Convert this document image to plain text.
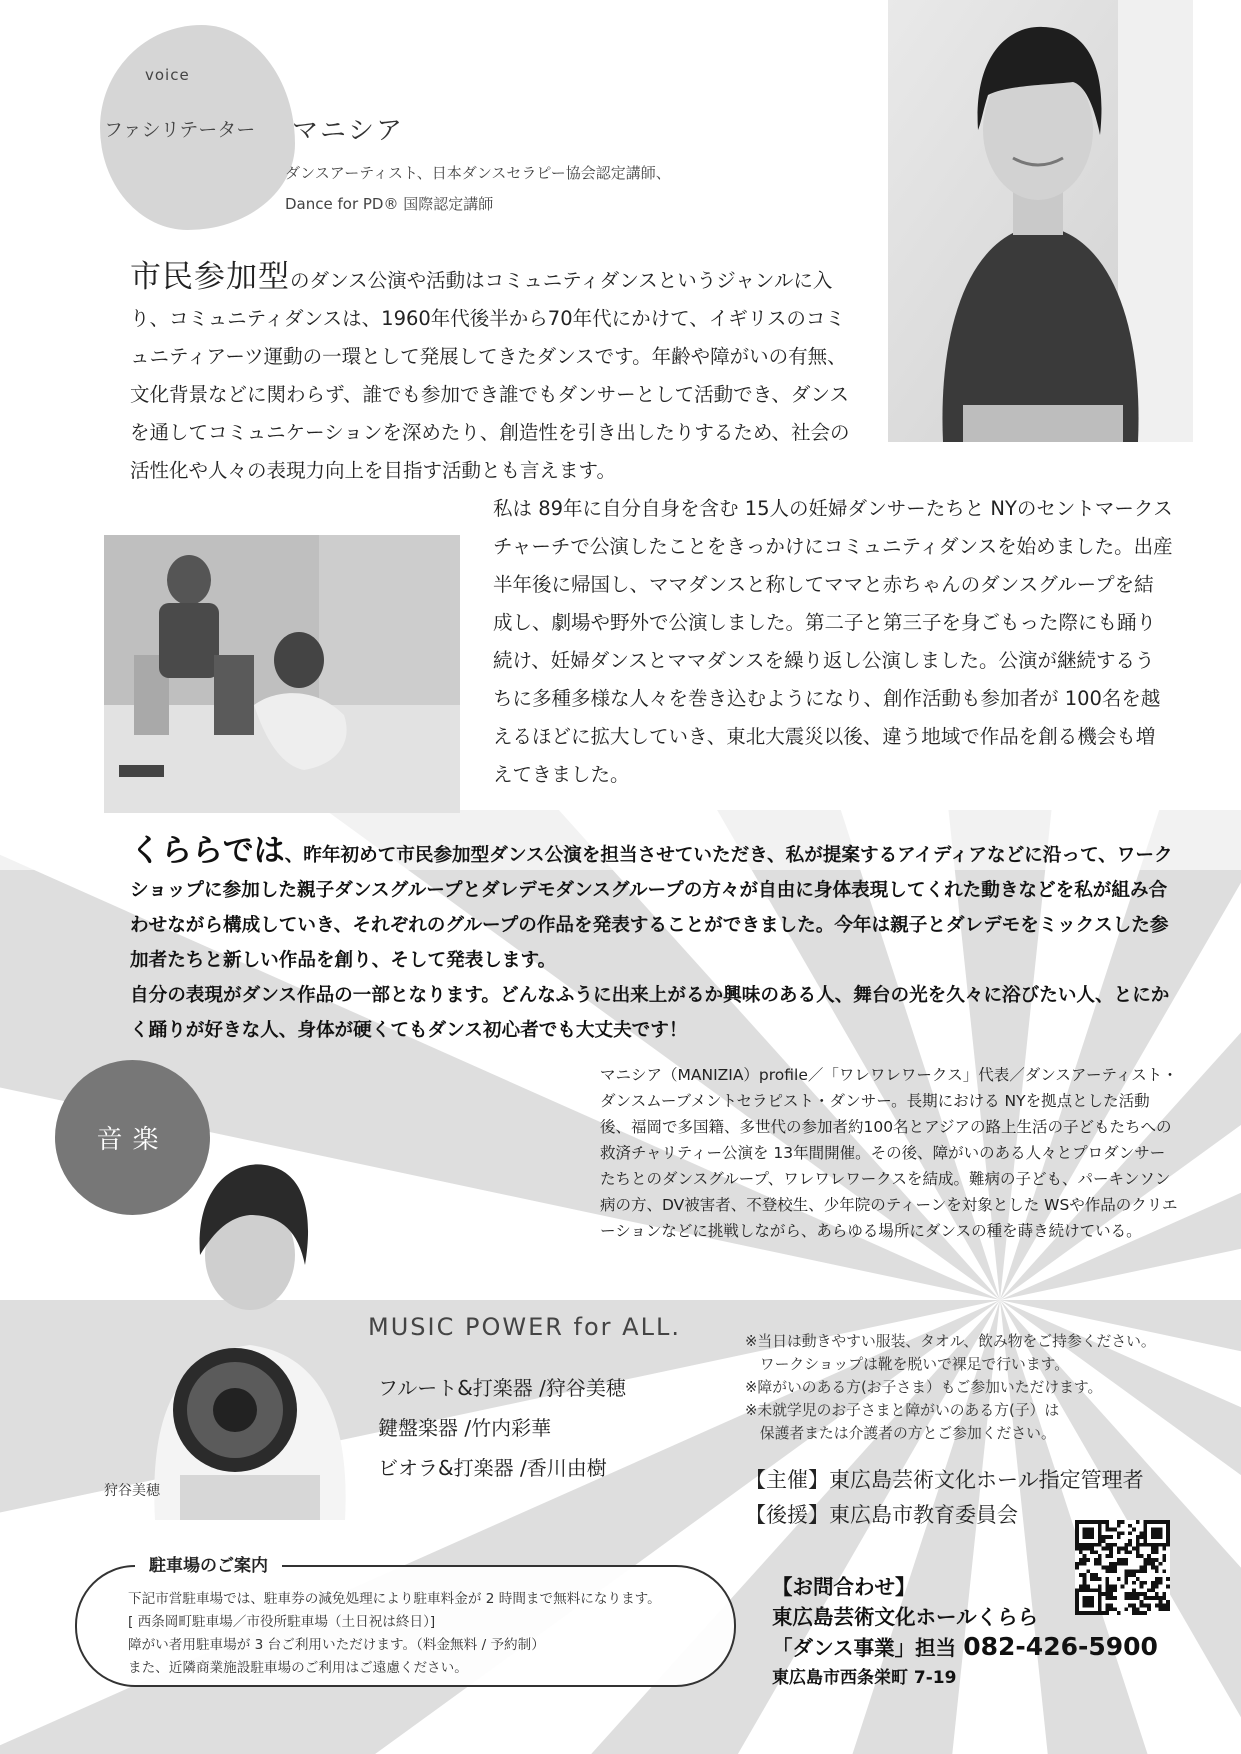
voice
ファシリテーター マニシア
ダンスアーティスト、日本ダンスセラピー協会認定講師、
Dance for PD® 国際認定講師
市民参加型のダンス公演や活動はコミュニティダンスというジャンルに入り、コミュニティダンスは、1960年代後半から70年代にかけて、イギリスのコミュニティアーツ運動の一環として発展してきたダンスです。年齢や障がいの有無、文化背景などに関わらず、誰でも参加でき誰でもダンサーとして活動でき、ダンスを通してコミュニケーションを深めたり、創造性を引き出したりするため、社会の活性化や人々の表現力向上を目指す活動とも言えます。
私は 89年に自分自身を含む 15人の妊婦ダンサーたちと NYのセントマークスチャーチで公演したことをきっかけにコミュニティダンスを始めました。出産半年後に帰国し、ママダンスと称してママと赤ちゃんのダンスグループを結成し、劇場や野外で公演しました。第二子と第三子を身ごもった際にも踊り続け、妊婦ダンスとママダンスを繰り返し公演しました。公演が継続するうちに多種多様な人々を巻き込むようになり、創作活動も参加者が 100名を越えるほどに拡大していき、東北大震災以後、違う地域で作品を創る機会も増えてきました。
くららでは、昨年初めて市民参加型ダンス公演を担当させていただき、私が提案するアイディアなどに沿って、ワークショップに参加した親子ダンスグループとダレデモダンスグループの方々が自由に身体表現してくれた動きなどを私が組み合わせながら構成していき、それぞれのグループの作品を発表することができました。今年は親子とダレデモをミックスした参加者たちと新しい作品を創り、そして発表します。
自分の表現がダンス作品の一部となります。どんなふうに出来上がるか興味のある人、舞台の光を久々に浴びたい人、とにかく踊りが好きな人、身体が硬くてもダンス初心者でも大丈夫です！
音楽
マニシア（MANIZIA）profile／「ワレワレワークス」代表／ダンスアーティスト・ダンスムーブメントセラピスト・ダンサー。長期における NYを拠点とした活動後、福岡で多国籍、多世代の参加者約100名とアジアの路上生活の子どもたちへの救済チャリティー公演を 13年間開催。その後、障がいのある人々とプロダンサーたちとのダンスグループ、ワレワレワークスを結成。難病の子ども、パーキンソン病の方、DV被害者、不登校生、少年院のティーンを対象とした WSや作品のクリエーションなどに挑戦しながら、あらゆる場所にダンスの種を蒔き続けている。
狩谷美穂
MUSIC POWER for ALL.
フルート&打楽器 /狩谷美穂
鍵盤楽器 /竹内彩華
ビオラ&打楽器 /香川由樹
※当日は動きやすい服装、タオル、飲み物をご持参ください。
　ワークショップは靴を脱いで裸足で行います。
※障がいのある方(お子さま）もご参加いただけます。
※未就学児のお子さまと障がいのある方(子）は
　保護者または介護者の方とご参加ください。
【主催】東広島芸術文化ホール指定管理者
【後援】東広島市教育委員会
【お問合わせ】
東広島芸術文化ホールくらら
「ダンス事業」担当 082-426-5900
東広島市西条栄町 7-19
駐車場のご案内
下記市営駐車場では、駐車券の減免処理により駐車料金が 2 時間まで無料になります。
[ 西条岡町駐車場／市役所駐車場（土日祝は終日）]
障がい者用駐車場が 3 台ご利用いただけます。（料金無料 / 予約制）
また、近隣商業施設駐車場のご利用はご遠慮ください。
